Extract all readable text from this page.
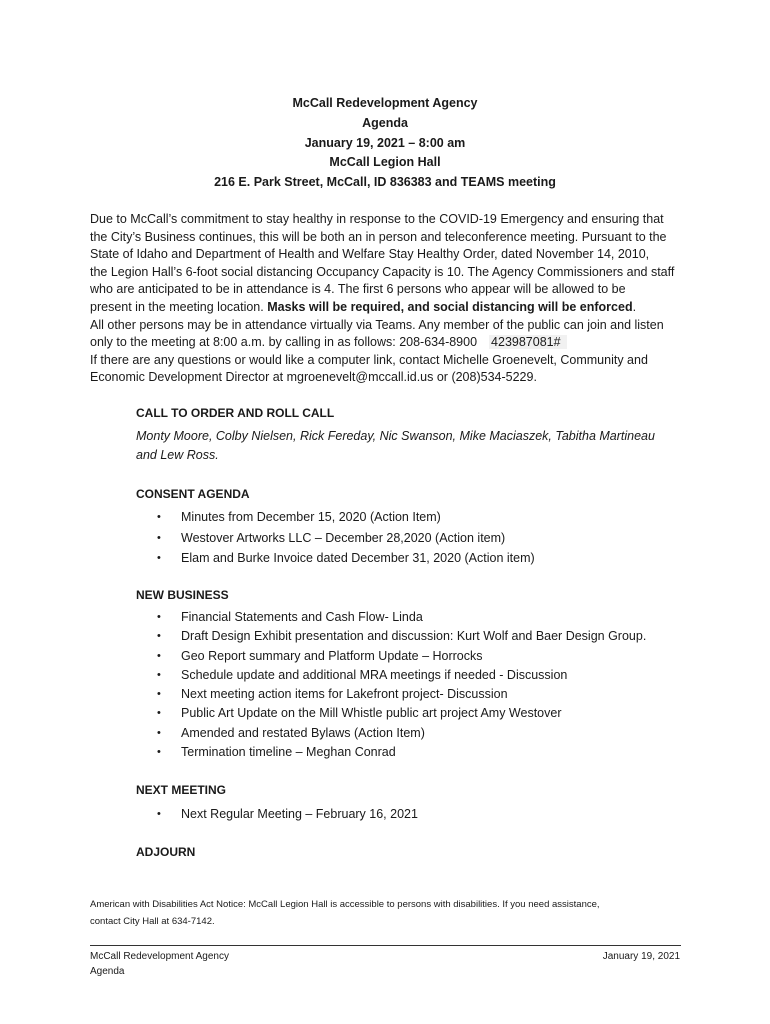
McCall Redevelopment Agency
Agenda
January 19, 2021 – 8:00 am
McCall Legion Hall
216 E. Park Street, McCall, ID 836383 and TEAMS meeting
Due to McCall’s commitment to stay healthy in response to the COVID-19 Emergency and ensuring that
the City’s Business continues, this will be both an in person and teleconference meeting. Pursuant to the
State of Idaho and Department of Health and Welfare Stay Healthy Order, dated November 14, 2010,
the Legion Hall’s 6-foot social distancing Occupancy Capacity is 10. The Agency Commissioners and staff
who are anticipated to be in attendance is 4. The first 6 persons who appear will be allowed to be
present in the meeting location. Masks will be required, and social distancing will be enforced.
All other persons may be in attendance virtually via Teams. Any member of the public can join and listen
only to the meeting at 8:00 a.m. by calling in as follows: 208-634-8900 423987081#
If there are any questions or would like a computer link, contact Michelle Groenevelt, Community and
Economic Development Director at mgroenevelt@mccall.id.us or (208)534-5229.
CALL TO ORDER AND ROLL CALL
Monty Moore, Colby Nielsen, Rick Fereday, Nic Swanson, Mike Maciaszek, Tabitha Martineau
and Lew Ross.
CONSENT AGENDA
• Minutes from December 15, 2020 (Action Item)
• Westover Artworks LLC – December 28,2020 (Action item)
• Elam and Burke Invoice dated December 31, 2020 (Action item)
NEW BUSINESS
• Financial Statements and Cash Flow- Linda
• Draft Design Exhibit presentation and discussion: Kurt Wolf and Baer Design Group.
• Geo Report summary and Platform Update – Horrocks
• Schedule update and additional MRA meetings if needed - Discussion
• Next meeting action items for Lakefront project- Discussion
• Public Art Update on the Mill Whistle public art project Amy Westover
• Amended and restated Bylaws (Action Item)
• Termination timeline – Meghan Conrad
NEXT MEETING
• Next Regular Meeting – February 16, 2021
ADJOURN
American with Disabilities Act Notice: McCall Legion Hall is accessible to persons with disabilities. If you need assistance,
contact City Hall at 634-7142.
McCall Redevelopment Agency
Agenda
January 19, 2021
